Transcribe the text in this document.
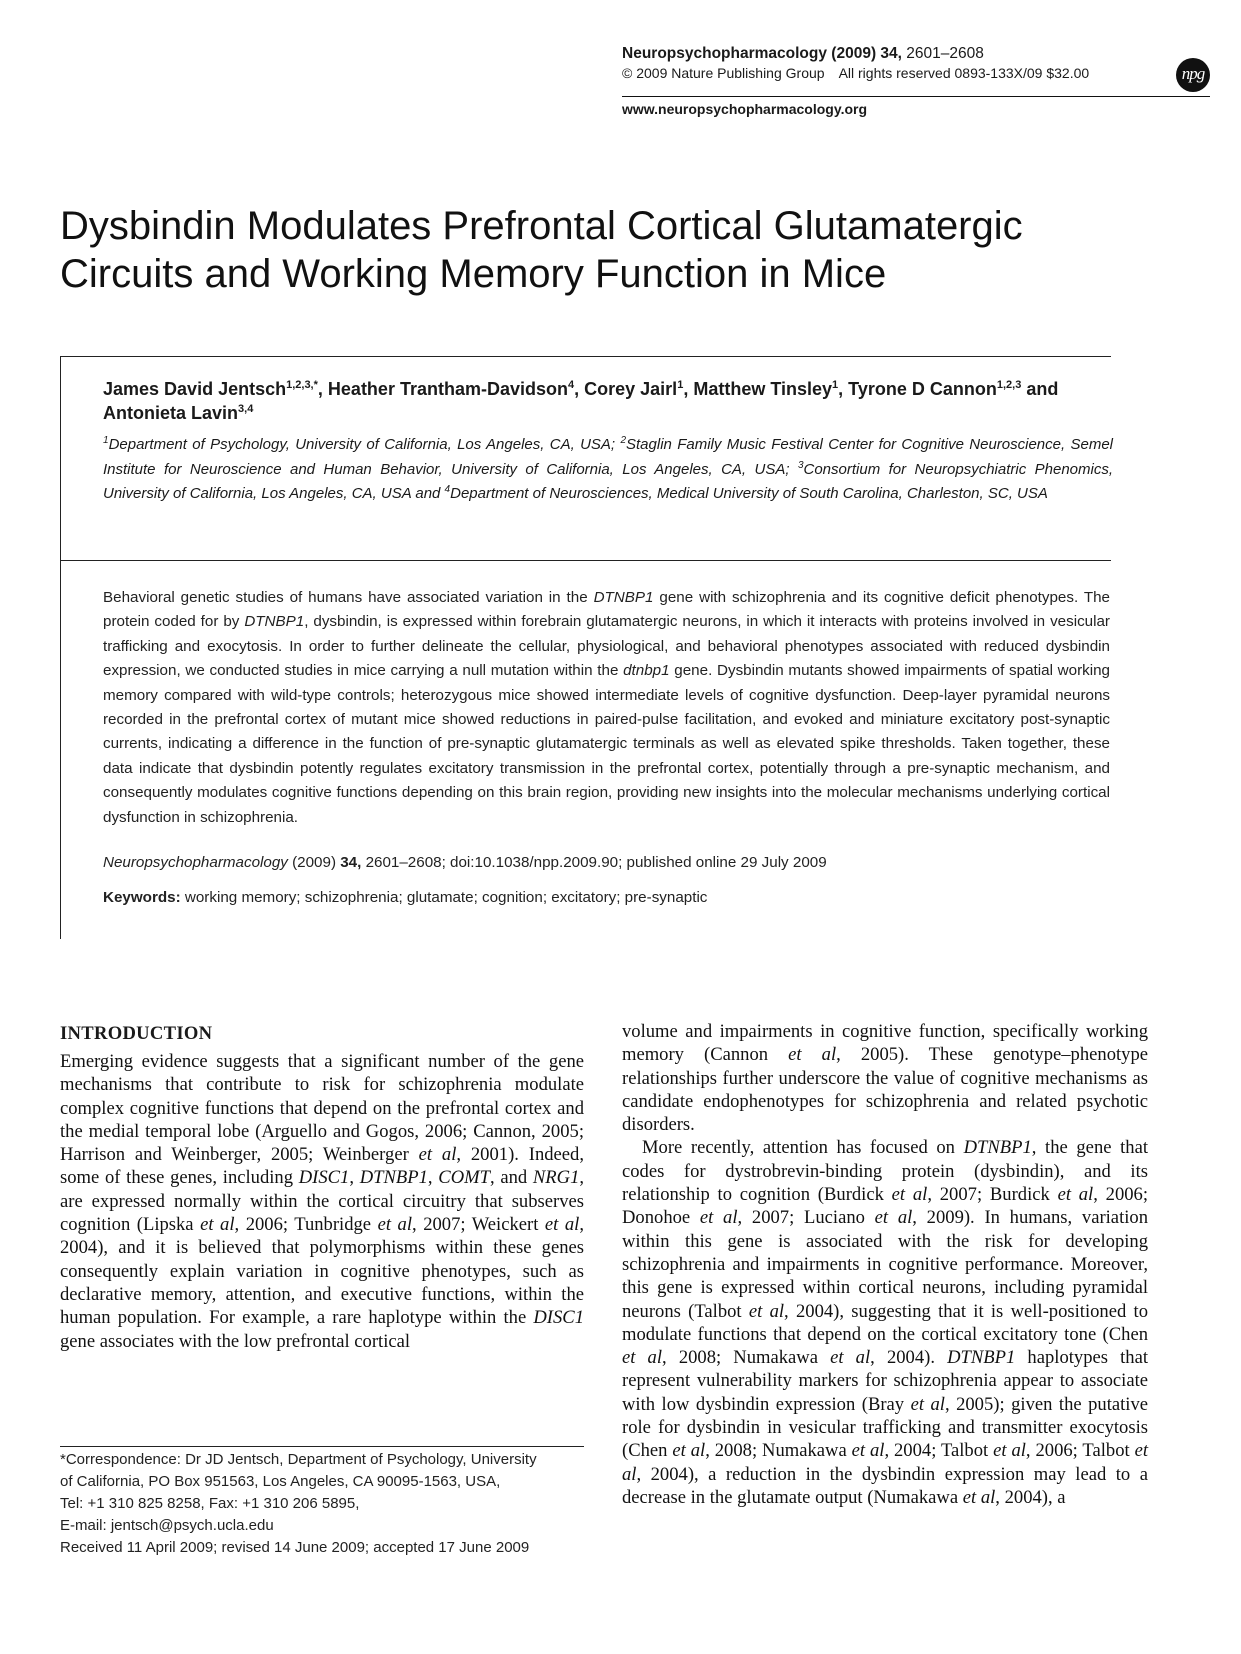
Neuropsychopharmacology (2009) 34, 2601–2608
© 2009 Nature Publishing Group All rights reserved 0893-133X/09 $32.00	npg
www.neuropsychopharmacology.org
Dysbindin Modulates Prefrontal Cortical Glutamatergic
Circuits and Working Memory Function in Mice
James David Jentsch$^{1,2,3,*}$, Heather Trantham-Davidson$^4$, Corey Jairl$^1$, Matthew Tinsley$^1$, Tyrone D Cannon$^{1,2,3}$ and Antonieta Lavin$^{3,4}$
$^1$Department of Psychology, University of California, Los Angeles, CA, USA; $^2$Staglin Family Music Festival Center for Cognitive Neuroscience, Semel Institute for Neuroscience and Human Behavior, University of California, Los Angeles, CA, USA; $^3$Consortium for Neuropsychiatric Phenomics, University of California, Los Angeles, CA, USA and $^4$Department of Neurosciences, Medical University of South Carolina, Charleston, SC, USA
Behavioral genetic studies of humans have associated variation in the DTNBP1 gene with schizophrenia and its cognitive deficit phenotypes. The protein coded for by DTNBP1, dysbindin, is expressed within forebrain glutamatergic neurons, in which it interacts with proteins involved in vesicular trafficking and exocytosis. In order to further delineate the cellular, physiological, and behavioral phenotypes associated with reduced dysbindin expression, we conducted studies in mice carrying a null mutation within the dtnbp1 gene. Dysbindin mutants showed impairments of spatial working memory compared with wild-type controls; heterozygous mice showed intermediate levels of cognitive dysfunction. Deep-layer pyramidal neurons recorded in the prefrontal cortex of mutant mice showed reductions in paired-pulse facilitation, and evoked and miniature excitatory post-synaptic currents, indicating a difference in the function of pre-synaptic glutamatergic terminals as well as elevated spike thresholds. Taken together, these data indicate that dysbindin potently regulates excitatory transmission in the prefrontal cortex, potentially through a pre-synaptic mechanism, and consequently modulates cognitive functions depending on this brain region, providing new insights into the molecular mechanisms underlying cortical dysfunction in schizophrenia.
Neuropsychopharmacology (2009) 34, 2601–2608; doi:10.1038/npp.2009.90; published online 29 July 2009
Keywords: working memory; schizophrenia; glutamate; cognition; excitatory; pre-synaptic
INTRODUCTION

Emerging evidence suggests that a significant number of the gene mechanisms that contribute to risk for schizophrenia modulate complex cognitive functions that depend on the prefrontal cortex and the medial temporal lobe (Arguello and Gogos, 2006; Cannon, 2005; Harrison and Weinberger, 2005; Weinberger et al, 2001). Indeed, some of these genes, including DISC1, DTNBP1, COMT, and NRG1, are expressed normally within the cortical circuitry that subserves cognition (Lipska et al, 2006; Tunbridge et al, 2007; Weickert et al, 2004), and it is believed that polymorphisms within these genes consequently explain variation in cognitive phenotypes, such as declarative memory, attention, and executive functions, within the human population. For example, a rare haplotype within the DISC1 gene associates with the low prefrontal cortical

volume and impairments in cognitive function, specifically working memory (Cannon et al, 2005). These genotype–phenotype relationships further underscore the value of cognitive mechanisms as candidate endophenotypes for schizophrenia and related psychotic disorders.

More recently, attention has focused on DTNBP1, the gene that codes for dystrobrevin-binding protein (dysbindin), and its relationship to cognition (Burdick et al, 2007; Burdick et al, 2006; Donohoe et al, 2007; Luciano et al, 2009). In humans, variation within this gene is associated with the risk for developing schizophrenia and impairments in cognitive performance. Moreover, this gene is expressed within cortical neurons, including pyramidal neurons (Talbot et al, 2004), suggesting that it is well-positioned to modulate functions that depend on the cortical excitatory tone (Chen et al, 2008; Numakawa et al, 2004). DTNBP1 haplotypes that represent vulnerability markers for schizophrenia appear to associate with low dysbindin expression (Bray et al, 2005); given the putative role for dysbindin in vesicular trafficking and transmitter exocytosis (Chen et al, 2008; Numakawa et al, 2004; Talbot et al, 2006; Talbot et al, 2004), a reduction in the dysbindin expression may lead to a decrease in the glutamate output (Numakawa et al, 2004), a

*Correspondence: Dr JD Jentsch, Department of Psychology, University
of California, PO Box 951563, Los Angeles, CA 90095-1563, USA,
Tel: +1 310 825 8258, Fax: +1 310 206 5895,
E-mail: jentsch@psych.ucla.edu
Received 11 April 2009; revised 14 June 2009; accepted 17 June 2009
